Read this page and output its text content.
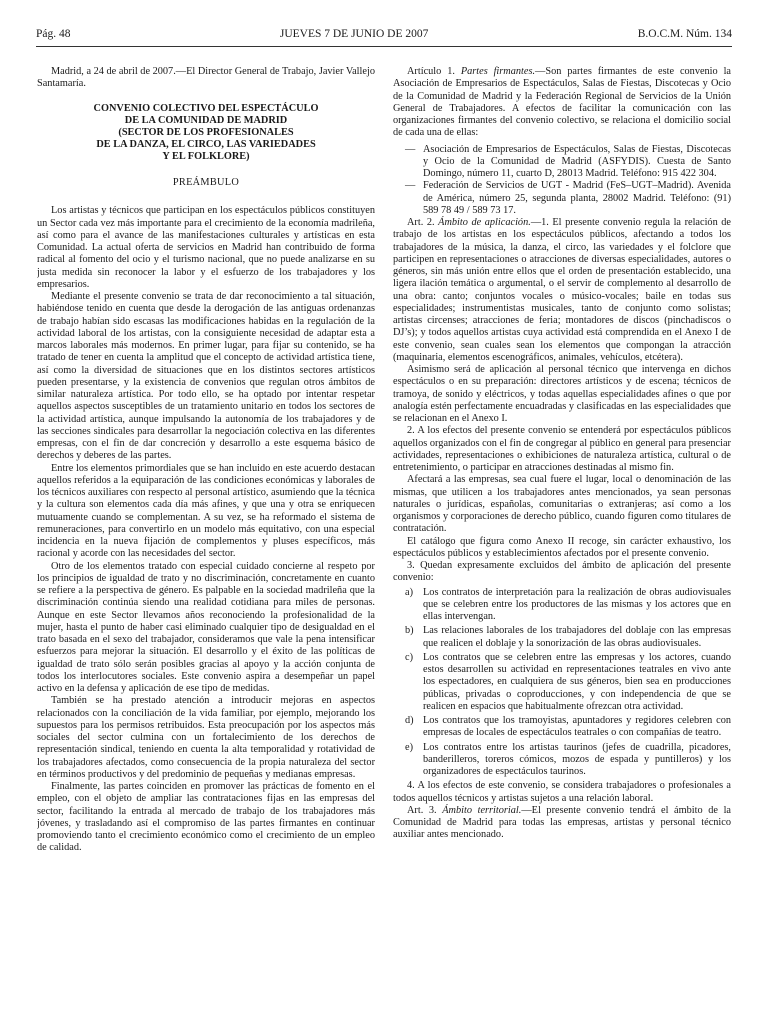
Pág. 48	JUEVES 7 DE JUNIO DE 2007	B.O.C.M. Núm. 134

Madrid, a 24 de abril de 2007.—El Director General de Trabajo, Javier Vallejo Santamaría.

CONVENIO COLECTIVO DEL ESPECTÁCULO
DE LA COMUNIDAD DE MADRID
(SECTOR DE LOS PROFESIONALES
DE LA DANZA, EL CIRCO, LAS VARIEDADES
Y EL FOLKLORE)
PREÁMBULO

Los artistas y técnicos que participan en los espectáculos públicos constituyen un Sector cada vez más importante para el crecimiento de la economía madrileña, así como para el avance de las manifestaciones culturales y artísticas en esta Comunidad. La actual oferta de servicios en Madrid han contribuido de forma radical al fomento del ocio y el turismo nacional, que no puede analizarse en su justa medida sin reconocer la labor y el esfuerzo de los trabajadores y los empresarios.

Mediante el presente convenio se trata de dar reconocimiento a tal situación, habiéndose tenido en cuenta que desde la derogación de las antiguas ordenanzas de trabajo habían sido escasas las modificaciones habidas en la regulación de la actividad laboral de los artistas, con la consiguiente necesidad de adaptar esta a marcos laborales más modernos. En primer lugar, para fijar su contenido, se ha tratado de tener en cuenta la amplitud que el concepto de actividad artística tiene, así como la diversidad de situaciones que en los distintos sectores artísticos pueden presentarse, y la existencia de convenios que regulan otros ámbitos de similar naturaleza artística. Por todo ello, se ha optado por intentar respetar aquellos aspectos susceptibles de un tratamiento unitario en todos los sectores de la actividad artística, aunque impulsando la autonomía de los trabajadores y de las secciones sindicales para desarrollar la negociación colectiva en las diferentes empresas, con el fin de dar concreción y desarrollo a este esquema básico de derechos y deberes de las partes.

Entre los elementos primordiales que se han incluido en este acuerdo destacan aquellos referidos a la equiparación de las condiciones económicas y laborales de los técnicos auxiliares con respecto al personal artístico, asumiendo que la técnica y la cultura son elementos cada día más afines, y que una y otra se enriquecen mutuamente cuando se complementan. A su vez, se ha reformado el sistema de remuneraciones, para convertirlo en un modelo más equitativo, con una especial incidencia en la nueva fijación de complementos y pluses específicos, más racional y acorde con las necesidades del sector.

Otro de los elementos tratado con especial cuidado concierne al respeto por los principios de igualdad de trato y no discriminación, concretamente en cuanto se refiere a la perspectiva de género. Es palpable en la sociedad madrileña que la discriminación continúa siendo una realidad cotidiana para miles de personas. Aunque en este Sector llevamos años reconociendo la profesionalidad de la mujer, hasta el punto de haber casi eliminado cualquier tipo de desigualdad en el trato basada en el sexo del trabajador, consideramos que vale la pena intensificar esfuerzos para mejorar la situación. El desarrollo y el éxito de las políticas de igualdad de trato sólo serán posibles gracias al apoyo y la acción conjunta de todos los interlocutores sociales. Este convenio aspira a desempeñar un papel activo en la defensa y aplicación de ese tipo de medidas.

También se ha prestado atención a introducir mejoras en aspectos relacionados con la conciliación de la vida familiar, por ejemplo, mejorando los supuestos para los permisos retribuidos. Esta preocupación por los aspectos más sociales del sector culmina con un fortalecimiento de los derechos de representación sindical, teniendo en cuenta la alta temporalidad y rotatividad de los trabajadores afectados, como consecuencia de la propia naturaleza del sector en términos productivos y del predominio de pequeñas y medianas empresas.

Finalmente, las partes coinciden en promover las prácticas de fomento en el empleo, con el objeto de ampliar las contrataciones fijas en las empresas del sector, facilitando la entrada al mercado de trabajo de los trabajadores más jóvenes, y trasladando así el compromiso de las partes firmantes en continuar promoviendo tanto el crecimiento económico como el crecimiento de un empleo de calidad.

Artículo 1. Partes firmantes.—Son partes firmantes de este convenio la Asociación de Empresarios de Espectáculos, Salas de Fiestas, Discotecas y Ocio de la Comunidad de Madrid y la Federación Regional de Servicios de la Unión General de Trabajadores. A efectos de facilitar la comunicación con las organizaciones firmantes del convenio colectivo, se relaciona el domicilio social de cada una de ellas:

— Asociación de Empresarios de Espectáculos, Salas de Fiestas, Discotecas y Ocio de la Comunidad de Madrid (ASFYDIS). Cuesta de Santo Domingo, número 11, cuarto D, 28013 Madrid. Teléfono: 915 422 304.
— Federación de Servicios de UGT - Madrid (FeS–UGT–Madrid). Avenida de América, número 25, segunda planta, 28002 Madrid. Teléfono: (91) 589 78 49 / 589 73 17.

Art. 2. Ámbito de aplicación.—1. El presente convenio regula la relación de trabajo de los artistas en los espectáculos públicos, afectando a todos los trabajadores de la música, la danza, el circo, las variedades y el folclore que participen en representaciones o atracciones de diversas especialidades, autores o géneros, sin más unión entre ellos que el orden de presentación establecido, una ligera ilación temática o argumental, o el servir de complemento al desarrollo de una obra: canto; conjuntos vocales o músico-vocales; baile en todas sus especialidades; instrumentistas musicales, tanto de conjunto como solistas; artistas circenses; atracciones de feria; montadores de discos (pinchadiscos o DJ’s); y todos aquellos artistas cuya actividad está comprendida en el Anexo I de este convenio, sean cuales sean los elementos que compongan la atracción (maquinaria, elementos escenográficos, animales, vehículos, etcétera).

Asimismo será de aplicación al personal técnico que intervenga en dichos espectáculos o en su preparación: directores artísticos y de escena; técnicos de tramoya, de sonido y eléctricos, y todas aquellas especialidades afines o que por analogía estén perfectamente encuadradas y clasificadas en las especialidades que se relacionan en el Anexo I.

2. A los efectos del presente convenio se entenderá por espectáculos públicos aquellos organizados con el fin de congregar al público en general para presenciar actividades, representaciones o exhibiciones de naturaleza artística, cultural o de entretenimiento, o participar en atracciones destinadas al mismo fin.

Afectará a las empresas, sea cual fuere el lugar, local o denominación de las mismas, que utilicen a los trabajadores antes mencionados, ya sean personas naturales o jurídicas, españolas, comunitarias o extranjeras; así como a los organismos y corporaciones de derecho público, cuando figuren como titulares de contratación.

El catálogo que figura como Anexo II recoge, sin carácter exhaustivo, los espectáculos públicos y establecimientos afectados por el presente convenio.

3. Quedan expresamente excluidos del ámbito de aplicación del presente convenio:

a) Los contratos de interpretación para la realización de obras audiovisuales que se celebren entre los productores de las mismas y los actores que en ellas intervengan.
b) Las relaciones laborales de los trabajadores del doblaje con las empresas que realicen el doblaje y la sonorización de las obras audiovisuales.
c) Los contratos que se celebren entre las empresas y los actores, cuando estos desarrollen su actividad en representaciones teatrales en vivo ante los espectadores, en cualquiera de sus géneros, bien sea en producciones públicas, privadas o coproducciones, y con independencia de que se realicen en espacios que habitualmente ofrezcan otra actividad.
d) Los contratos que los tramoyistas, apuntadores y regidores celebren con empresas de locales de espectáculos teatrales o con compañías de teatro.
e) Los contratos entre los artistas taurinos (jefes de cuadrilla, picadores, banderilleros, toreros cómicos, mozos de espada y puntilleros) y los organizadores de espectáculos taurinos.

4. A los efectos de este convenio, se considera trabajadores o profesionales a todos aquellos técnicos y artistas sujetos a una relación laboral.

Art. 3. Ámbito territorial.—El presente convenio tendrá el ámbito de la Comunidad de Madrid para todas las empresas, artistas y personal técnico auxiliar antes mencionado.
